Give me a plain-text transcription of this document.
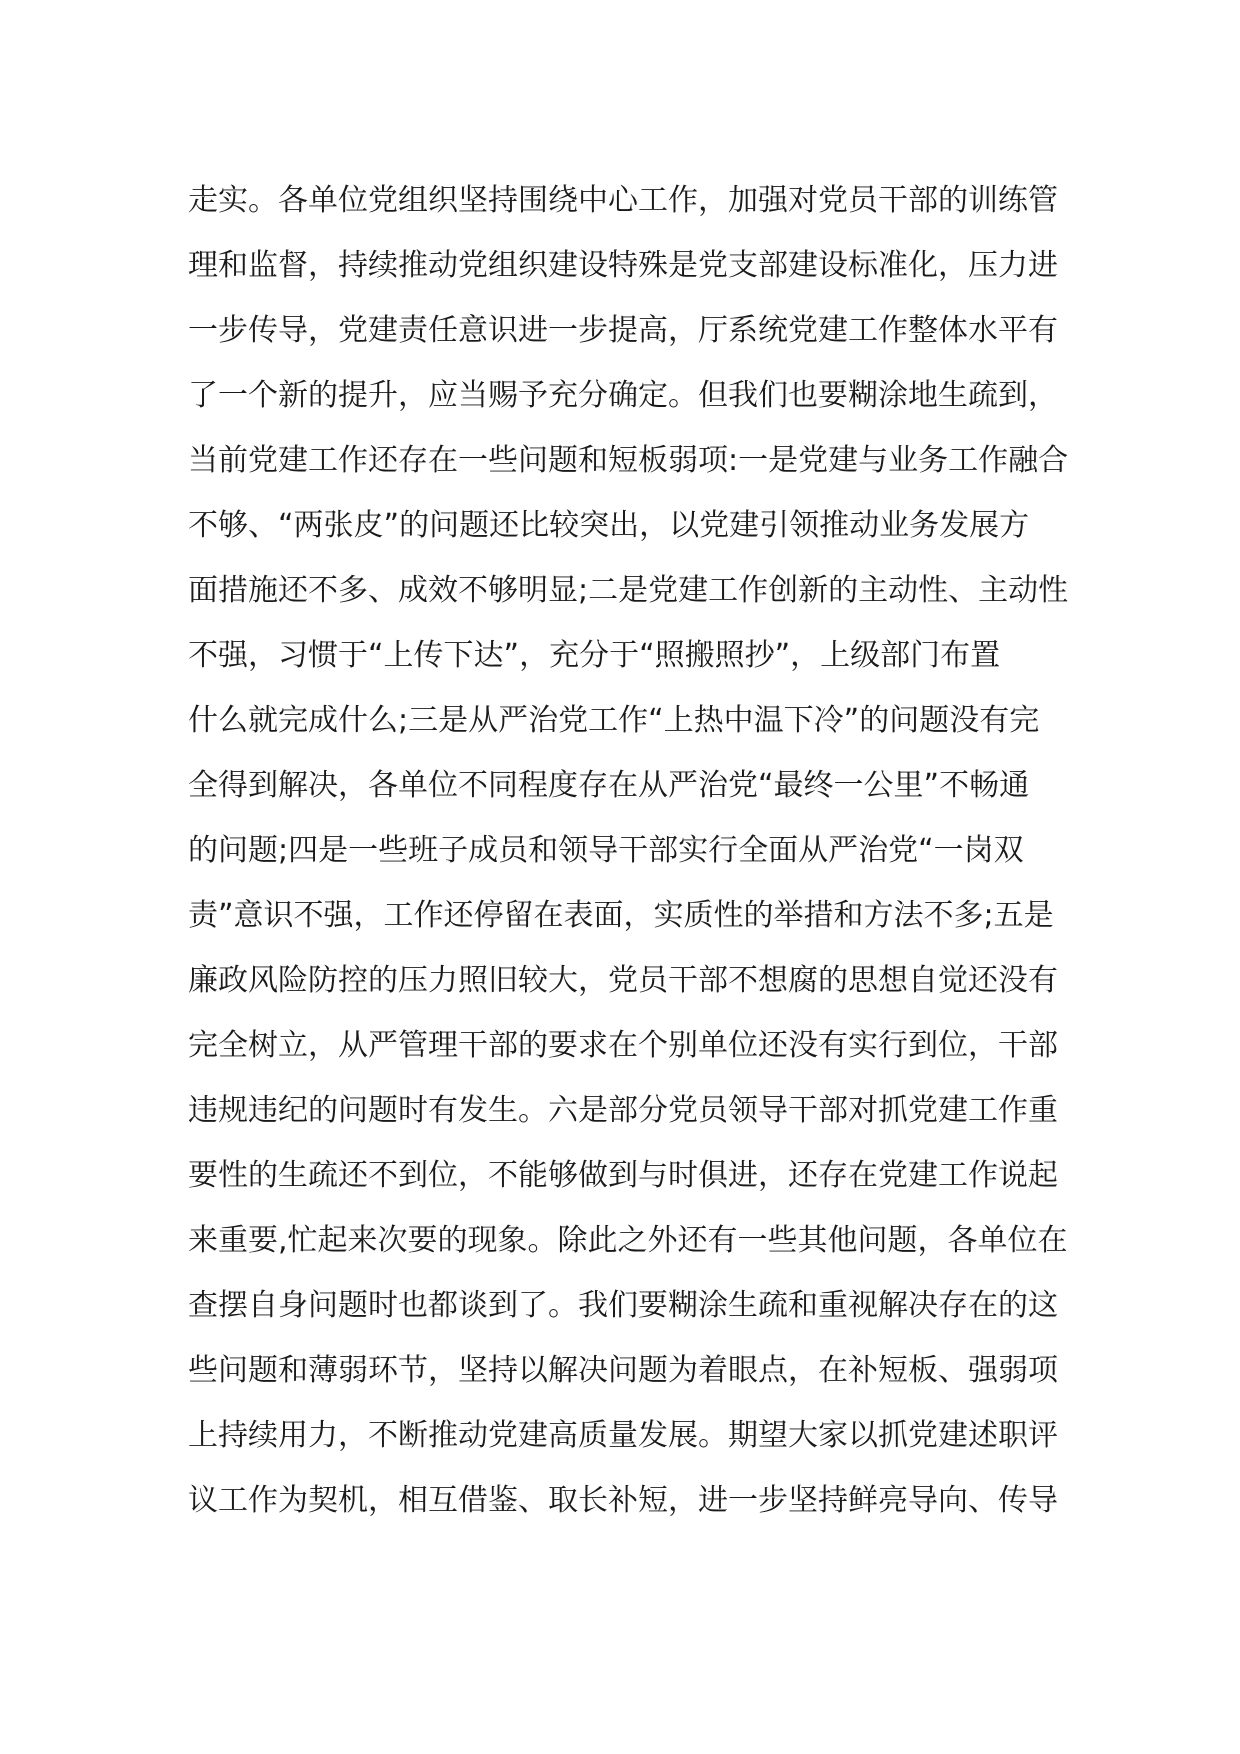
走实。各单位党组织坚持围绕中心工作，加强对党员干部的训练管
理和监督，持续推动党组织建设特殊是党支部建设标准化，压力进
一步传导，党建责任意识进一步提高，厅系统党建工作整体水平有
了一个新的提升，应当赐予充分确定。但我们也要糊涂地生疏到，
当前党建工作还存在一些问题和短板弱项:一是党建与业务工作融合
不够、“两张皮”的问题还比较突出，以党建引领推动业务发展方
面措施还不多、成效不够明显;二是党建工作创新的主动性、主动性
不强，习惯于“上传下达”，充分于“照搬照抄”，上级部门布置
什么就完成什么;三是从严治党工作“上热中温下冷”的问题没有完
全得到解决，各单位不同程度存在从严治党“最终一公里”不畅通
的问题;四是一些班子成员和领导干部实行全面从严治党“一岗双
责”意识不强，工作还停留在表面，实质性的举措和方法不多;五是
廉政风险防控的压力照旧较大，党员干部不想腐的思想自觉还没有
完全树立，从严管理干部的要求在个别单位还没有实行到位，干部
违规违纪的问题时有发生。六是部分党员领导干部对抓党建工作重
要性的生疏还不到位，不能够做到与时俱进，还存在党建工作说起
来重要,忙起来次要的现象。除此之外还有一些其他问题，各单位在
查摆自身问题时也都谈到了。我们要糊涂生疏和重视解决存在的这
些问题和薄弱环节，坚持以解决问题为着眼点，在补短板、强弱项
上持续用力，不断推动党建高质量发展。期望大家以抓党建述职评
议工作为契机，相互借鉴、取长补短，进一步坚持鲜亮导向、传导
